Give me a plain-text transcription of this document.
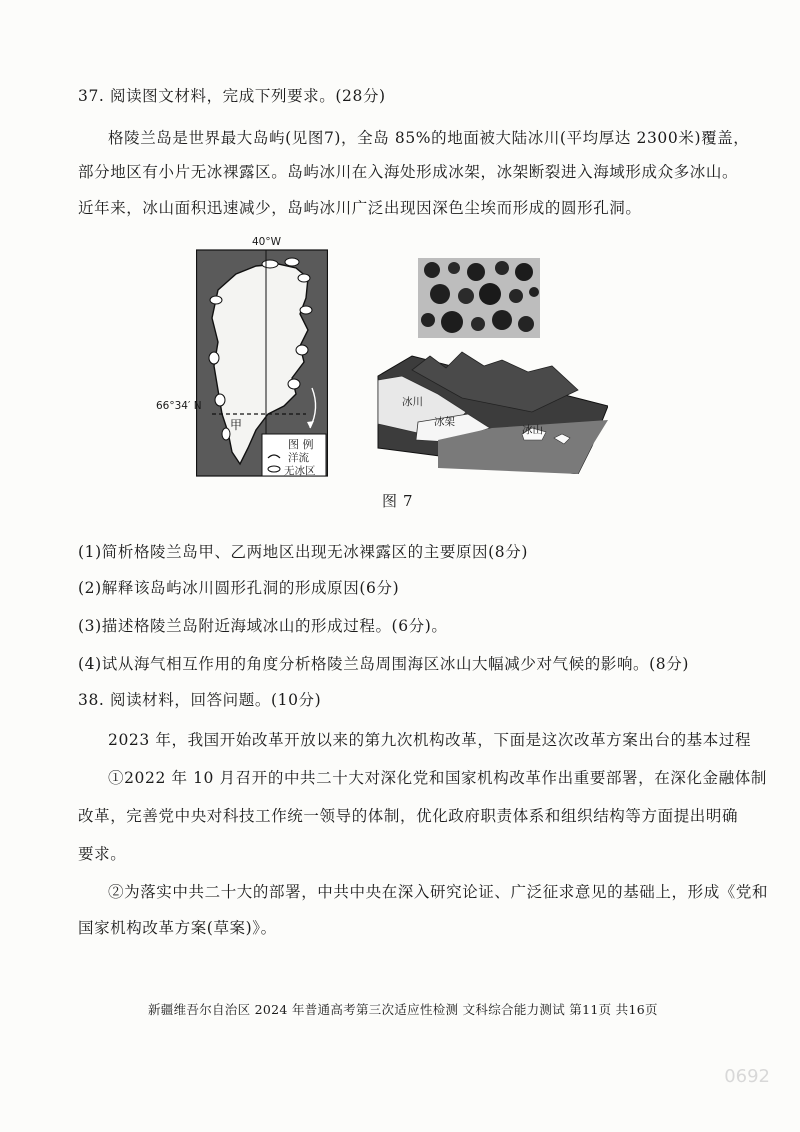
37. 阅读图文材料，完成下列要求。(28分)
格陵兰岛是世界最大岛屿(见图7)，全岛 85%的地面被大陆冰川(平均厚达 2300米)覆盖，
部分地区有小片无冰裸露区。岛屿冰川在入海处形成冰架，冰架断裂进入海域形成众多冰山。
近年来，冰山面积迅速减少，岛屿冰川广泛出现因深色尘埃而形成的圆形孔洞。
40°W
66°34′ N
甲
图 例
洋流
无冰区
冰川
冰架
冰山
图 7
(1)简析格陵兰岛甲、乙两地区出现无冰裸露区的主要原因(8分)
(2)解释该岛屿冰川圆形孔洞的形成原因(6分)
(3)描述格陵兰岛附近海域冰山的形成过程。(6分)。
(4)试从海气相互作用的角度分析格陵兰岛周围海区冰山大幅减少对气候的影响。(8分)
38. 阅读材料，回答问题。(10分)
2023 年，我国开始改革开放以来的第九次机构改革，下面是这次改革方案出台的基本过程
①2022 年 10 月召开的中共二十大对深化党和国家机构改革作出重要部署，在深化金融体制
改革，完善党中央对科技工作统一领导的体制，优化政府职责体系和组织结构等方面提出明确
要求。
②为落实中共二十大的部署，中共中央在深入研究论证、广泛征求意见的基础上，形成《党和
国家机构改革方案(草案)》。
新疆维吾尔自治区 2024 年普通高考第三次适应性检测 文科综合能力测试 第11页 共16页
0692
